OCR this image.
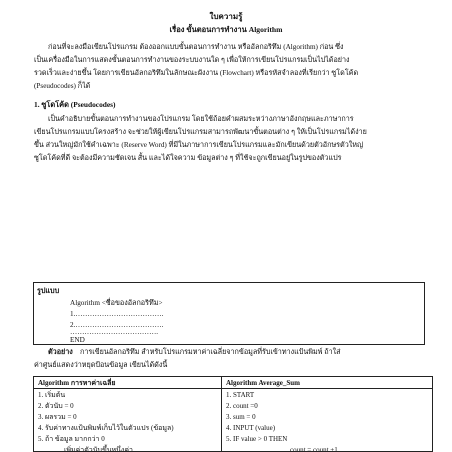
ใบความรู้
เรื่อง ขั้นตอนการทำงาน Algorithm
ก่อนที่จะลงมือเขียนโปรแกรม ต้องออกแบบขั้นตอนการทำงาน หรืออัลกอริทึม (Algorithm) ก่อน ซึ่ง
เป็นเครื่องมือในการแสดงขั้นตอนการทำงานของระบบงานใด ๆ เพื่อให้การเขียนโปรแกรมเป็นไปได้อย่าง
รวดเร็วและง่ายขึ้น โดยการเขียนอัลกอริทึมในลักษณะผังงาน (Flowchart) หรือรหัสจำลองที่เรียกว่า ซูโดโค้ด
(Pseudocodes) ก็ได้
1. ซูโดโค้ด (Pseudocodes)
เป็นคำอธิบายขั้นตอนการทำงานของโปรแกรม โดยใช้ถ้อยคำผสมระหว่างภาษาอังกฤษและภาษาการ
เขียนโปรแกรมแบบโครงสร้าง จะช่วยให้ผู้เขียนโปรแกรมสามารถพัฒนาขั้นตอนต่าง ๆ ให้เป็นโปรแกรมได้ง่าย
ขึ้น ส่วนใหญ่มักใช้คำเฉพาะ (Reserve Word) ที่มีในภาษาการเขียนโปรแกรมและมักเขียนด้วยตัวอักษรตัวใหญ่
ซูโดโค้ดที่ดี จะต้องมีความชัดเจน สั้น และได้ใจความ ข้อมูลต่าง ๆ ที่ใช้จะถูกเขียนอยู่ในรูปของตัวแปร
รูปแบบ
Algorithm <ชื่อของอัลกอริทึม>
1.……………………………….
2.……………………………….
……………………………….
END
ตัวอย่าง การเขียนอัลกอริทึม สำหรับโปรแกรมหาค่าเฉลี่ยจากข้อมูลที่รับเข้าทางแป้นพิมพ์ ถ้าใส่
ค่าศูนย์แสดงว่าหยุดป้อนข้อมูล เขียนได้ดังนี้
Algorithm การหาค่าเฉลี่ย
1. เริ่มต้น
2. ตัวนับ = 0
3. ผลรวม = 0
4. รับค่าทางแป้นพิมพ์เก็บไว้ในตัวแปร (ข้อมูล)
5. ถ้า ข้อมูล มากกว่า 0
เพิ่มค่าตัวนับขึ้นหนึ่งค่า
Algorithm Average_Sum
1. START
2. count =0
3. sum = 0
4. INPUT (value)
5. IF value > 0 THEN
count = count +1
